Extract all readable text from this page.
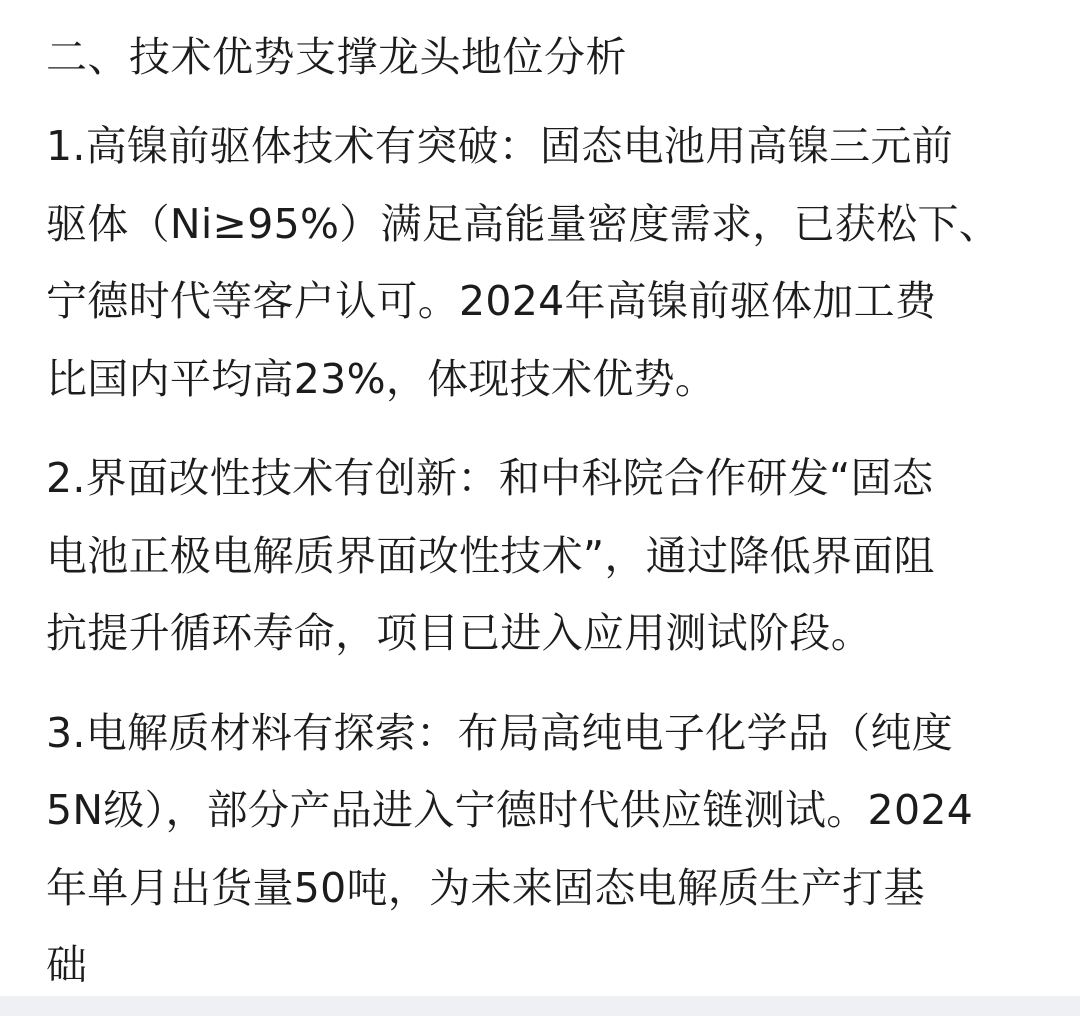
二、技术优势支撑龙头地位分析
1.高镍前驱体技术有突破：固态电池用高镍三元前
驱体（Ni≥95%）满足高能量密度需求，已获松下、
宁德时代等客户认可。2024年高镍前驱体加工费
比国内平均高23%，体现技术优势。
2.界面改性技术有创新：和中科院合作研发“固态
电池正极电解质界面改性技术”，通过降低界面阻
抗提升循环寿命，项目已进入应用测试阶段。
3.电解质材料有探索：布局高纯电子化学品（纯度
5N级），部分产品进入宁德时代供应链测试。2024
年单月出货量50吨，为未来固态电解质生产打基
础
